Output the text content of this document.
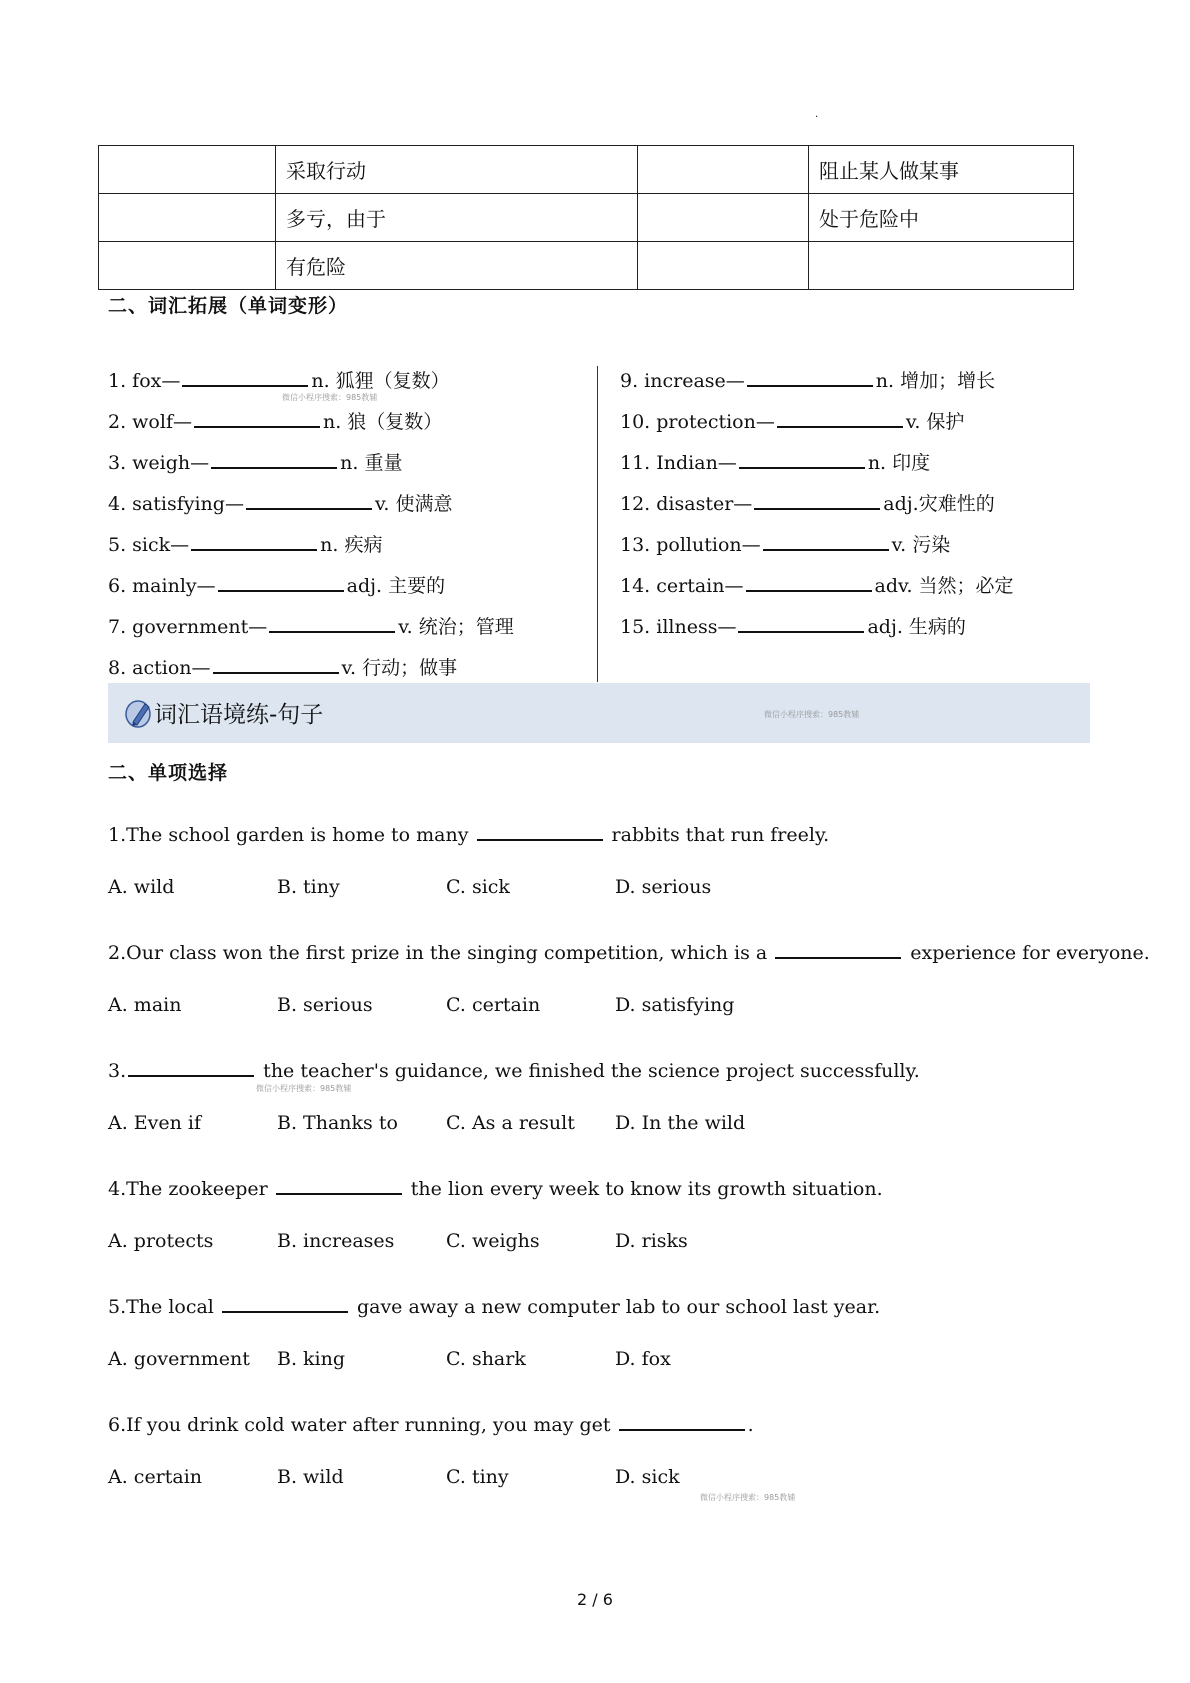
·
	采取行动		阻止某人做某事
	多亏，由于		处于危险中
	有危险		
二、词汇拓展（单词变形）
1. fox—	n. 狐狸（复数）
2. wolf—	n. 狼（复数）
3. weigh—	n. 重量
4. satisfying—	v. 使满意
5. sick—	n. 疾病
6. mainly—	adj. 主要的
7. government—	v. 统治；管理
8. action—	v. 行动；做事
9. increase—	n. 增加；增长
10. protection—	v. 保护
11. Indian—	n. 印度
12. disaster—	adj.灾难性的
13. pollution—	v. 污染
14. certain—	adv. 当然；必定
15. illness—	adj. 生病的
微信小程序搜索：985教辅
词汇语境练-句子	微信小程序搜索：985教辅
二、单项选择
1.The school garden is home to many	rabbits that run freely.
A. wild	B. tiny	C. sick	D. serious
2.Our class won the first prize in the singing competition, which is a	experience for everyone.
A. main	B. serious	C. certain	D. satisfying
3.	the teacher's guidance, we finished the science project successfully.
微信小程序搜索：985教辅
A. Even if	B. Thanks to	C. As a result D. In the wild
4.The zookeeper	the lion every week to know its growth situation.
A. protects	B. increases	C. weighs	D. risks
5.The local	gave away a new computer lab to our school last year.
A. government B. king	C. shark	D. fox
6.If you drink cold water after running, you may get	.
A. certain	B. wild	C. tiny	D. sick
微信小程序搜索：985教辅
2 / 6
